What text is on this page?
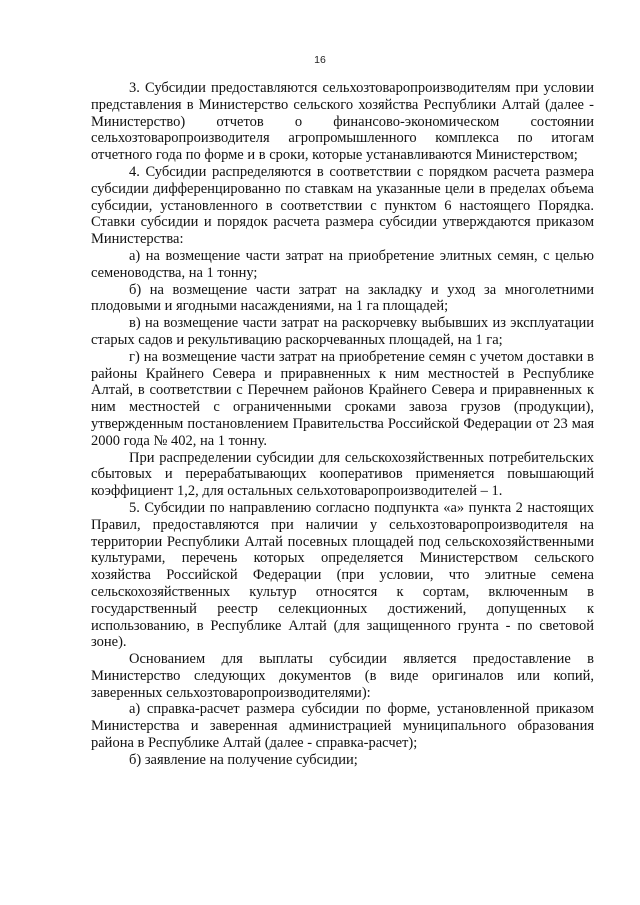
16

3. Субсидии предоставляются сельхозтоваропроизводителям при условии представления в Министерство сельского хозяйства Республики Алтай (далее - Министерство) отчетов о финансово-экономическом состоянии сельхозтоваропроизводителя агропромышленного комплекса по итогам отчетного года по форме и в сроки, которые устанавливаются Министерством;

4. Субсидии распределяются в соответствии с порядком расчета размера субсидии дифференцированно по ставкам на указанные цели в пределах объема субсидии, установленного в соответствии с пунктом 6 настоящего Порядка. Ставки субсидии и порядок расчета размера субсидии утверждаются приказом Министерства:

а) на возмещение части затрат на приобретение элитных семян, с целью семеноводства, на 1 тонну;

б) на возмещение части затрат на закладку и уход за многолетними плодовыми и ягодными насаждениями, на 1 га площадей;

в) на возмещение части затрат на раскорчевку выбывших из эксплуатации старых садов и рекультивацию раскорчеванных площадей, на 1 га;

г) на возмещение части затрат на приобретение семян с учетом доставки в районы Крайнего Севера и приравненных к ним местностей в Республике Алтай, в соответствии с Перечнем районов Крайнего Севера и приравненных к ним местностей с ограниченными сроками завоза грузов (продукции), утвержденным постановлением Правительства Российской Федерации от 23 мая 2000 года № 402, на 1 тонну.

При распределении субсидии для сельскохозяйственных потребительских сбытовых и перерабатывающих кооперативов применяется повышающий коэффициент 1,2, для остальных сельхотоваропроизводителей – 1.

5. Субсидии по направлению согласно подпункта «а» пункта 2 настоящих Правил, предоставляются при наличии у сельхозтоваропроизводителя на территории Республики Алтай посевных площадей под сельскохозяйственными культурами, перечень которых определяется Министерством сельского хозяйства Российской Федерации (при условии, что элитные семена сельскохозяйственных культур относятся к сортам, включенным в государственный реестр селекционных достижений, допущенных к использованию, в Республике Алтай (для защищенного грунта - по световой зоне).

Основанием для выплаты субсидии является предоставление в Министерство следующих документов (в виде оригиналов или копий, заверенных сельхозтоваропроизводителями):

а) справка-расчет размера субсидии по форме, установленной приказом Министерства и заверенная администрацией муниципального образования района в Республике Алтай (далее - справка-расчет);

б) заявление на получение субсидии;
